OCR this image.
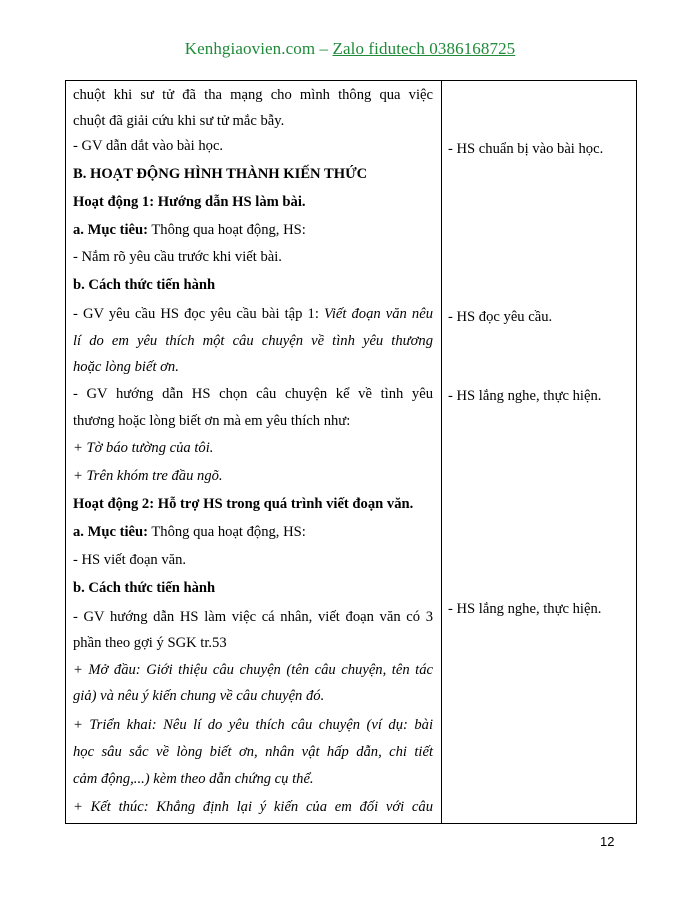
Kenhgiaovien.com – Zalo fidutech 0386168725
chuột khi sư tử đã tha mạng cho mình thông qua việc
chuột đã giải cứu khi sư tử mắc bẫy.
- GV dẫn dắt vào bài học.
B. HOẠT ĐỘNG HÌNH THÀNH KIẾN THỨC
Hoạt động 1: Hướng dẫn HS làm bài.
a. Mục tiêu: Thông qua hoạt động, HS:
- Nắm rõ yêu cầu trước khi viết bài.
b. Cách thức tiến hành
- GV yêu cầu HS đọc yêu cầu bài tập 1: Viết đoạn văn nêu
lí do em yêu thích một câu chuyện về tình yêu thương
hoặc lòng biết ơn.
- GV hướng dẫn HS chọn câu chuyện kể về tình yêu
thương hoặc lòng biết ơn mà em yêu thích như:
+ Tờ báo tường của tôi.
+ Trên khóm tre đầu ngõ.
Hoạt động 2: Hỗ trợ HS trong quá trình viết đoạn văn.
a. Mục tiêu: Thông qua hoạt động, HS:
- HS viết đoạn văn.
b. Cách thức tiến hành
- GV hướng dẫn HS làm việc cá nhân, viết đoạn văn có 3
phần theo gợi ý SGK tr.53
+ Mở đầu: Giới thiệu câu chuyện (tên câu chuyện, tên tác
giả) và nêu ý kiến chung về câu chuyện đó.
+ Triển khai: Nêu lí do yêu thích câu chuyện (ví dụ: bài
học sâu sắc về lòng biết ơn, nhân vật hấp dẫn, chi tiết
cảm động,...) kèm theo dẫn chứng cụ thể.
+ Kết thúc: Khẳng định lại ý kiến của em đối với câu
- HS chuẩn bị vào bài học.
- HS đọc yêu cầu.
- HS lắng nghe, thực hiện.
- HS lắng nghe, thực hiện.
12
